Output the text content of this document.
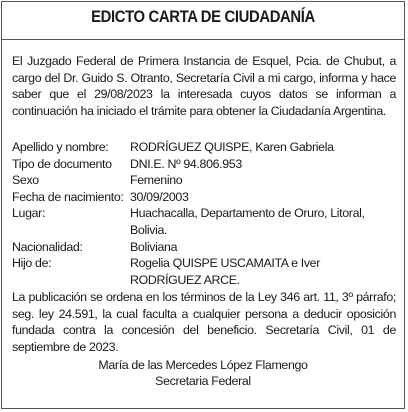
EDICTO CARTA DE CIUDADANÍA

El Juzgado Federal de Primera Instancia de Esquel, Pcia. de Chubut, a cargo del Dr. Guido S. Otranto, Secretaría Civil a mi cargo, informa y hace saber que el 29/08/2023 la interesada cuyos datos se informan a continuación ha iniciado el trámite para obtener la Ciudadanía Argentina.

Apellido y nombre:	RODRÍGUEZ QUISPE, Karen Gabriela
Tipo de documento	DNI.E. Nº 94.806.953
Sexo	Femenino
Fecha de nacimiento: 30/09/2003
Lugar:	Huachacalla, Departamento de Oruro, Litoral,
Bolivia.
Nacionalidad:	Boliviana
Hijo de:	Rogelia QUISPE USCAMAITA e Iver
RODRÍGUEZ ARCE.

La publicación se ordena en los términos de la Ley 346 art. 11, 3º párrafo; seg. ley 24.591, la cual faculta a cualquier persona a deducir oposición fundada contra la concesión del beneficio. Secretaría Civil, 01 de septiembre de 2023.

María de las Mercedes López Flamengo
Secretaria Federal
